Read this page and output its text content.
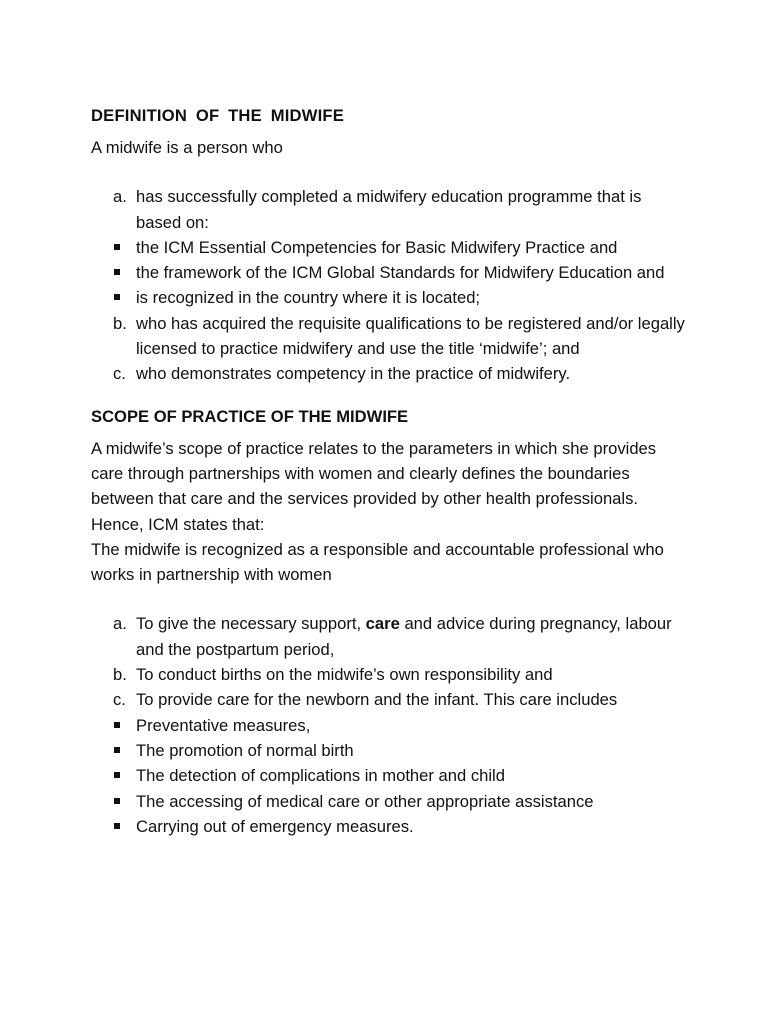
DEFINITION OF THE MIDWIFE

A midwife is a person who

a. has successfully completed a midwifery education programme that is based on:
the ICM Essential Competencies for Basic Midwifery Practice and
the framework of the ICM Global Standards for Midwifery Education and
is recognized in the country where it is located;
b. who has acquired the requisite qualifications to be registered and/or legally licensed to practice midwifery and use the title ‘midwife’; and
c. who demonstrates competency in the practice of midwifery.
SCOPE OF PRACTICE OF THE MIDWIFE

A midwife’s scope of practice relates to the parameters in which she provides care through partnerships with women and clearly defines the boundaries between that care and the services provided by other health professionals. Hence, ICM states that:

The midwife is recognized as a responsible and accountable professional who works in partnership with women

a. To give the necessary support, care and advice during pregnancy, labour and the postpartum period,
b. To conduct births on the midwife’s own responsibility and
c. To provide care for the newborn and the infant. This care includes
Preventative measures,
The promotion of normal birth
The detection of complications in mother and child
The accessing of medical care or other appropriate assistance
Carrying out of emergency measures.
